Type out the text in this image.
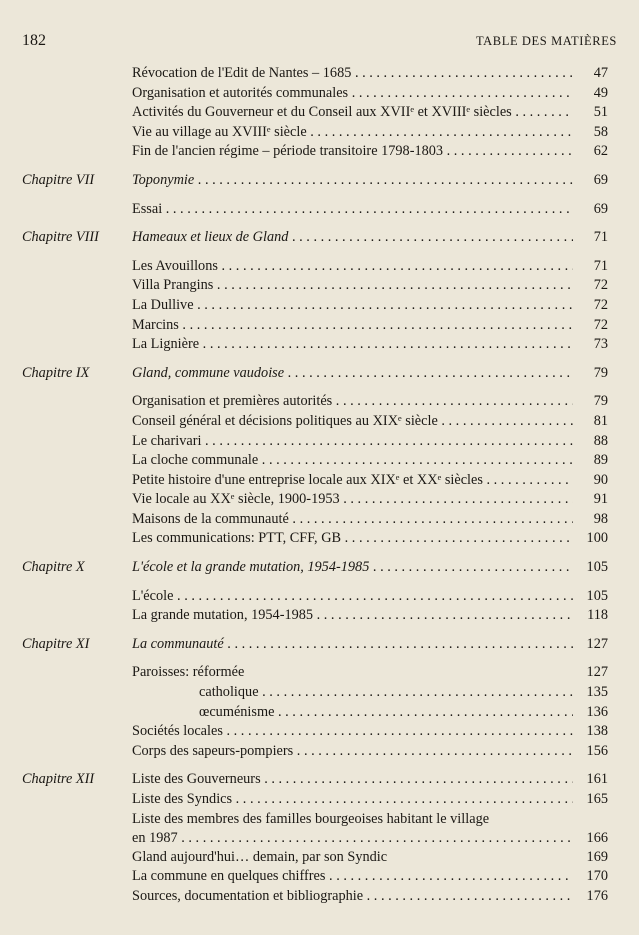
182	TABLE DES MATIÈRES
Révocation de l'Edit de Nantes – 1685 . . .	47
Organisation et autorités communales . . .	49
Activités du Gouverneur et du Conseil aux XVIIᵉ et XVIIIᵉ siècles . . .	51
Vie au village au XVIIIᵉ siècle . . .	58
Fin de l'ancien régime – période transitoire 1798-1803 . . .	62
Chapitre VII	Toponymie . . .	69
Essai . . .	69
Chapitre VIII Hameaux et lieux de Gland . . .	71
Les Avouillons . . .	71
Villa Prangins . . .	72
La Dullive . . .	72
Marcins . . .	72
La Lignière . . .	73
Chapitre IX	Gland, commune vaudoise . . .	79
Organisation et premières autorités . . .	79
Conseil général et décisions politiques au XIXᵉ siècle . . .	81
Le charivari . . .	88
La cloche communale . . .	89
Petite histoire d'une entreprise locale aux XIXᵉ et XXᵉ siècles . . .	90
Vie locale au XXᵉ siècle, 1900-1953 . . .	91
Maisons de la communauté . . .	98
Les communications: PTT, CFF, GB . . .	100
Chapitre X	L'école et la grande mutation, 1954-1985 . . .	105
L'école . . .	105
La grande mutation, 1954-1985 . . .	118
Chapitre XI	La communauté . . .	127
Paroisses: réformée	127
catholique . . .	135
œcuménisme . . .	136
Sociétés locales . . .	138
Corps des sapeurs-pompiers . . .	156
Chapitre XII	Liste des Gouverneurs . . .	161
Liste des Syndics . . .	165
Liste des membres des familles bourgeoises habitant le village
en 1987 . . .	166
Gland aujourd'hui… demain, par son Syndic	169
La commune en quelques chiffres . . .	170
Sources, documentation et bibliographie . . .	176
